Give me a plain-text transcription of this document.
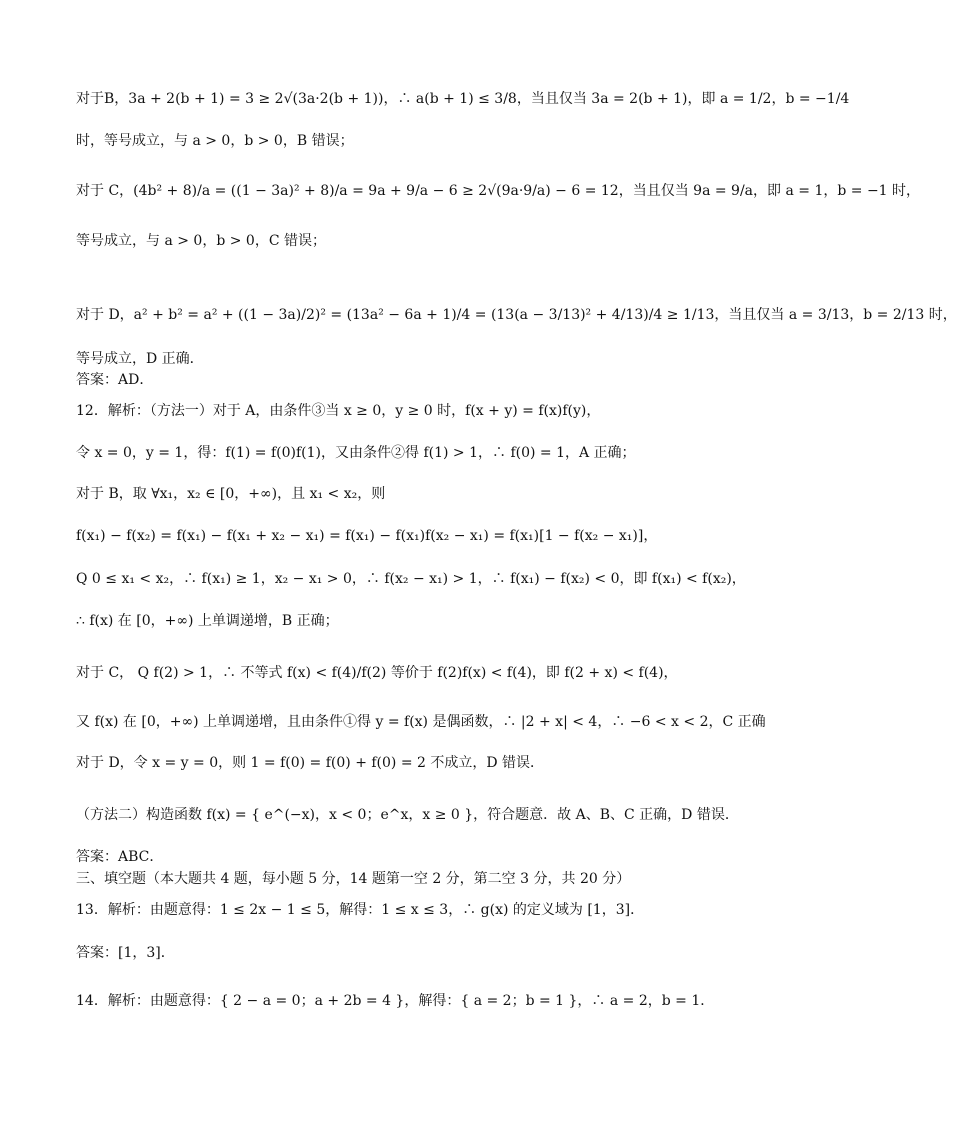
对于B，3a + 2(b + 1) = 3 ≥ 2√(3a·2(b + 1))，∴ a(b + 1) ≤ 3/8，当且仅当 3a = 2(b + 1)，即 a = 1/2，b = −1/4
时，等号成立，与 a > 0，b > 0，B 错误；
对于 C，(4b² + 8)/a = ((1 − 3a)² + 8)/a = 9a + 9/a − 6 ≥ 2√(9a·9/a) − 6 = 12，当且仅当 9a = 9/a，即 a = 1，b = −1 时，
等号成立，与 a > 0，b > 0，C 错误；
对于 D，a² + b² = a² + ((1 − 3a)/2)² = (13a² − 6a + 1)/4 = (13(a − 3/13)² + 4/13)/4 ≥ 1/13，当且仅当 a = 3/13，b = 2/13 时，
等号成立，D 正确．
答案：AD．
12．解析：（方法一）对于 A，由条件③当 x ≥ 0，y ≥ 0 时，f(x + y) = f(x)f(y)，
令 x = 0，y = 1，得：f(1) = f(0)f(1)，又由条件②得 f(1) > 1，∴ f(0) = 1，A 正确；
对于 B，取 ∀x₁，x₂ ∈ [0，+∞)，且 x₁ < x₂，则
f(x₁) − f(x₂) = f(x₁) − f(x₁ + x₂ − x₁) = f(x₁) − f(x₁)f(x₂ − x₁) = f(x₁)[1 − f(x₂ − x₁)]，
Q 0 ≤ x₁ < x₂，∴ f(x₁) ≥ 1，x₂ − x₁ > 0，∴ f(x₂ − x₁) > 1，∴ f(x₁) − f(x₂) < 0，即 f(x₁) < f(x₂)，
∴ f(x) 在 [0，+∞) 上单调递增，B 正确；
对于 C， Q f(2) > 1，∴ 不等式 f(x) < f(4)/f(2) 等价于 f(2)f(x) < f(4)，即 f(2 + x) < f(4)，
又 f(x) 在 [0，+∞) 上单调递增，且由条件①得 y = f(x) 是偶函数，∴ |2 + x| < 4，∴ −6 < x < 2，C 正确
对于 D，令 x = y = 0，则 1 = f(0) = f(0) + f(0) = 2 不成立，D 错误．
（方法二）构造函数 f(x) = { e^(−x)，x < 0；e^x，x ≥ 0 }，符合题意．故 A、B、C 正确，D 错误．
答案：ABC．
三、填空题（本大题共 4 题，每小题 5 分，14 题第一空 2 分，第二空 3 分，共 20 分）
13．解析：由题意得：1 ≤ 2x − 1 ≤ 5，解得：1 ≤ x ≤ 3，∴ g(x) 的定义域为 [1，3]．
答案：[1，3]．
14．解析：由题意得：{ 2 − a = 0；a + 2b = 4 }，解得：{ a = 2；b = 1 }，∴ a = 2，b = 1．
